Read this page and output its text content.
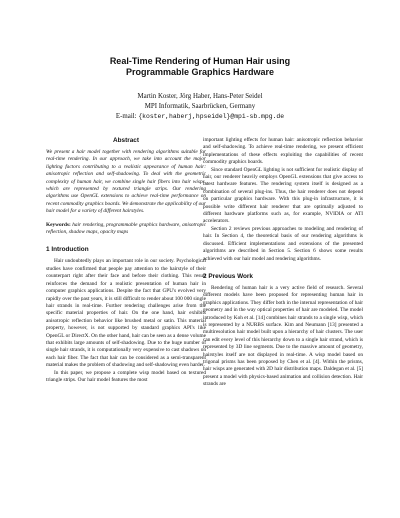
Real-Time Rendering of Human Hair using
Programmable Graphics Hardware
Martin Koster, Jörg Haber, Hans-Peter Seidel
MPI Informatik, Saarbrücken, Germany
E-mail: {koster,haberj,hpseidel}@mpi-sb.mpg.de
Abstract

We present a hair model together with rendering algorithms suitable for real-time rendering. In our approach, we take into account the major lighting factors contributing to a realistic appearance of human hair: anisotropic reflection and self-shadowing. To deal with the geometric complexity of human hair, we combine single hair fibers into hair wisps, which are represented by textured triangle strips. Our rendering algorithms use OpenGL extensions to achieve real-time performance on recent commodity graphics boards. We demonstrate the applicability of our hair model for a variety of different hairstyles.

Keywords: hair rendering, programmable graphics hardware, anisotropic reflection, shadow maps, opacity maps

1 Introduction

Hair undoubtedly plays an important role in our society. Psychological studies have confirmed that people pay attention to the hairstyle of their counterpart right after their face and before their clothing. This result reinforces the demand for a realistic presentation of human hair in computer graphics applications. Despite the fact that GPU's evolved very rapidly over the past years, it is still difficult to render about 100 000 single hair strands in real-time. Further rendering challenges arise from the specific material properties of hair. On the one hand, hair exhibits anisotropic reflection behavior like brushed metal or satin. This material property, however, is not supported by standard graphics API's like OpenGL or DirectX. On the other hand, hair can be seen as a dense volume that exhibits large amounts of self-shadowing. Due to the huge number of single hair strands, it is computationally very expensive to cast shadows on each hair fiber. The fact that hair can be considered as a semi-transparent material makes the problem of shadowing and self-shadowing even harder.

In this paper, we propose a complete wisp model based on textured triangle strips. Our hair model features the most

important lighting effects for human hair: anisotropic reflection behavior and self-shadowing. To achieve real-time rendering, we present efficient implementations of these effects exploiting the capabilities of recent commodity graphics boards.

Since standard OpenGL lighting is not sufficient for realistic display of hair, our renderer heavily employs OpenGL extensions that give access to latest hardware features. The rendering system itself is designed as a combination of several plug-ins. Thus, the hair renderer does not depend on particular graphics hardware. With this plug-in infrastructure, it is possible write different hair renderer that are optimally adjusted to different hardware platforms such as, for example, NVIDIA or ATI accelerators.

Section 2 reviews previous approaches to modeling and rendering of hair. In Section 4, the theoretical basis of our rendering algorithms is discussed. Efficient implementations and extensions of the presented algorithms are described in Section 5. Section 6 shows some results achieved with our hair model and rendering algorithms.

2 Previous Work

Rendering of human hair is a very active field of research. Several different models have been proposed for representing human hair in graphics applications. They differ both in the internal representation of hair geometry and in the way optical properties of hair are modeled. The model introduced by Koh et al. [14] combines hair strands to a single wisp, which is represented by a NURBS surface. Kim and Neumann [13] presented a multiresolution hair model built upon a hierarchy of hair clusters. The user can edit every level of this hierarchy down to a single hair strand, which is represented by 3D line segments. Due to the massive amount of geometry, hairstyles itself are not displayed in real-time. A wisp model based on trigonal prisms has been proposed by Chen et al. [4]. Within the prisms, hair wisps are generated with 2D hair distribution maps. Daldegan et al. [5] present a model with physics-based animation and collision detection. Hair strands are
